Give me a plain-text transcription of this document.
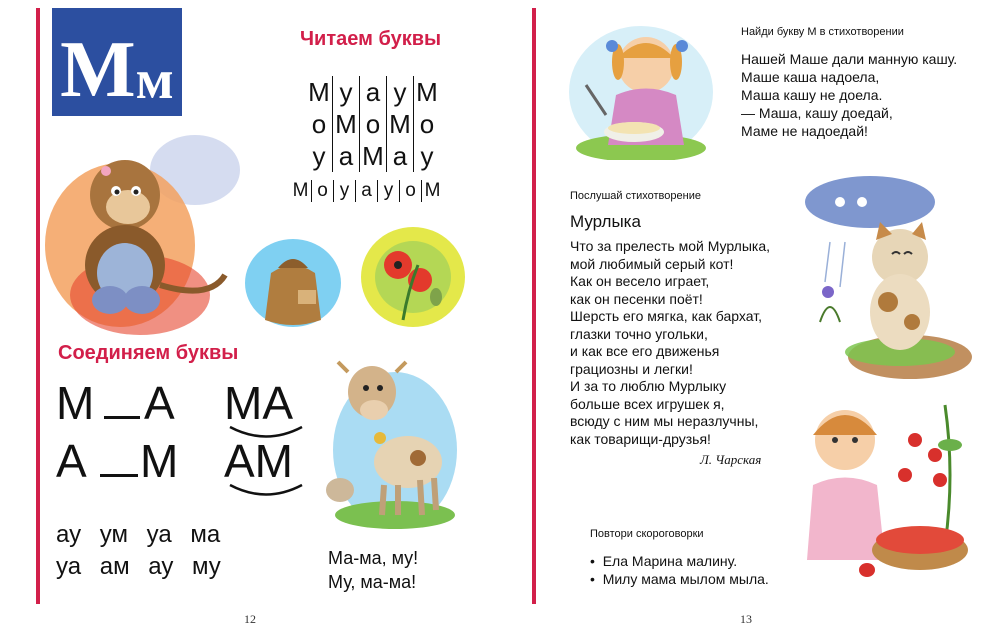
М м
Читаем буквы
М у а у М
о М о М о
у а М а у
М о у а у о М
Соединяем буквы
М А МА
А М АМ
ау ум уа ма
уа ам ау му	Ма-ма, му!
Му, ма-ма!
12
Найди букву М в стихотворении
Нашей Маше дали манную кашу.
Маше каша надоела,
Маша кашу не доела.
— Маша, кашу доедай,
Маме не надоедай!
Послушай стихотворение
Мурлыка
Что за прелесть мой Мурлыка,
мой любимый серый кот!
Как он весело играет,
как он песенки поёт!
Шерсть его мягка, как бархат,
глазки точно угольки,
и как все его движенья
грациозны и легки!
И за то люблю Мурлыку
больше всех игрушек я,
всюду с ним мы неразлучны,
как товарищи-друзья!
Л. Чарская
Повтори скороговорки
•  Ела Марина малину.
•  Милу мама мылом мыла.
13
